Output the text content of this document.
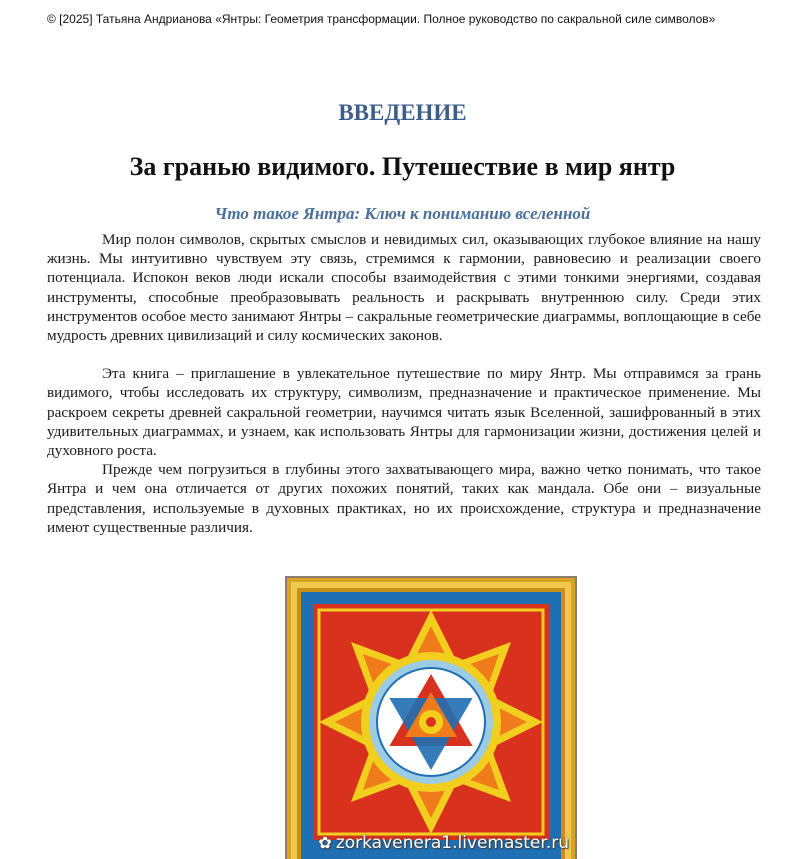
© [2025] Татьяна Андрианова «Янтры: Геометрия трансформации. Полное руководство по сакральной силе символов»
ВВЕДЕНИЕ
За гранью видимого. Путешествие в мир янтр
Что такое Янтра: Ключ к пониманию вселенной

Мир полон символов, скрытых смыслов и невидимых сил, оказывающих глубокое влияние на нашу жизнь. Мы интуитивно чувствуем эту связь, стремимся к гармонии, равновесию и реализации своего потенциала. Испокон веков люди искали способы взаимодействия с этими тонкими энергиями, создавая инструменты, способные преобразовывать реальность и раскрывать внутреннюю силу. Среди этих инструментов особое место занимают Янтры – сакральные геометрические диаграммы, воплощающие в себе мудрость древних цивилизаций и силу космических законов.

Эта книга – приглашение в увлекательное путешествие по миру Янтр. Мы отправимся за грань видимого, чтобы исследовать их структуру, символизм, предназначение и практическое применение. Мы раскроем секреты древней сакральной геометрии, научимся читать язык Вселенной, зашифрованный в этих удивительных диаграммах, и узнаем, как использовать Янтры для гармонизации жизни, достижения целей и духовного роста.

Прежде чем погрузиться в глубины этого захватывающего мира, важно четко понимать, что такое Янтра и чем она отличается от других похожих понятий, таких как мандала. Обе они – визуальные представления, используемые в духовных практиках, но их происхождение, структура и предназначение имеют существенные различия.

✿ zorkavenera1.livemaster.ru
